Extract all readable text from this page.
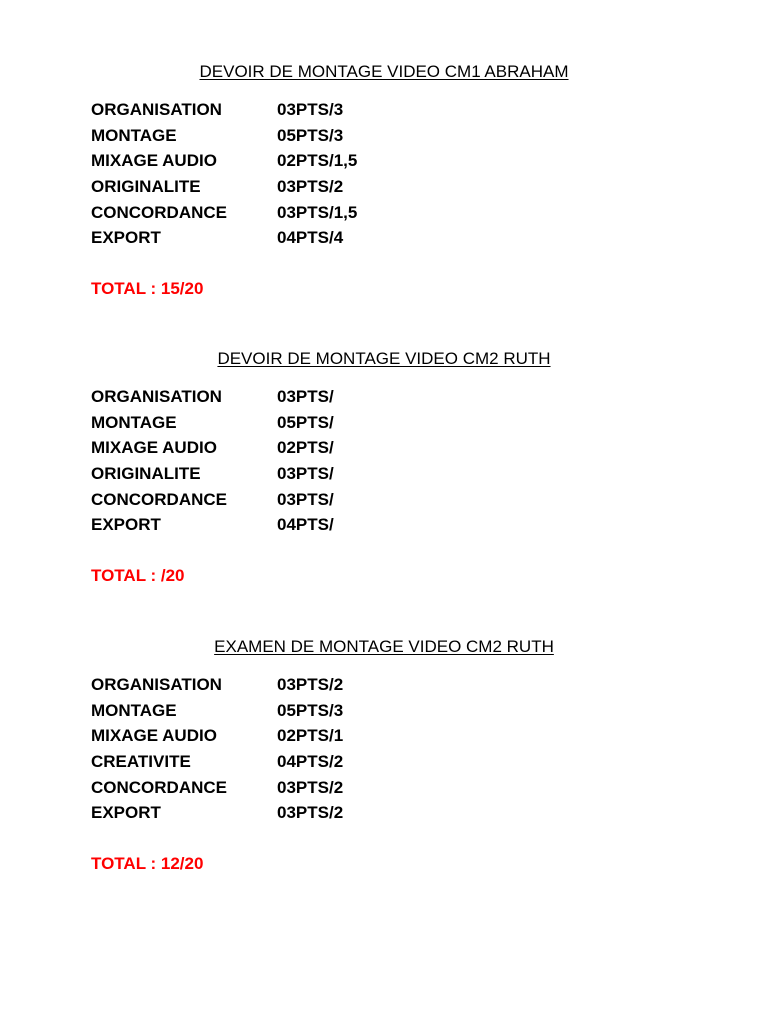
DEVOIR DE MONTAGE VIDEO CM1 ABRAHAM
ORGANISATION	03PTS/3
MONTAGE	05PTS/3
MIXAGE AUDIO	02PTS/1,5
ORIGINALITE	03PTS/2
CONCORDANCE	03PTS/1,5
EXPORT	04PTS/4
TOTAL : 15/20
DEVOIR DE MONTAGE VIDEO CM2 RUTH
ORGANISATION	03PTS/
MONTAGE	05PTS/
MIXAGE AUDIO	02PTS/
ORIGINALITE	03PTS/
CONCORDANCE	03PTS/
EXPORT	04PTS/
TOTAL : /20
EXAMEN DE MONTAGE VIDEO CM2 RUTH
ORGANISATION	03PTS/2
MONTAGE	05PTS/3
MIXAGE AUDIO	02PTS/1
CREATIVITE	04PTS/2
CONCORDANCE	03PTS/2
EXPORT	03PTS/2
TOTAL : 12/20
